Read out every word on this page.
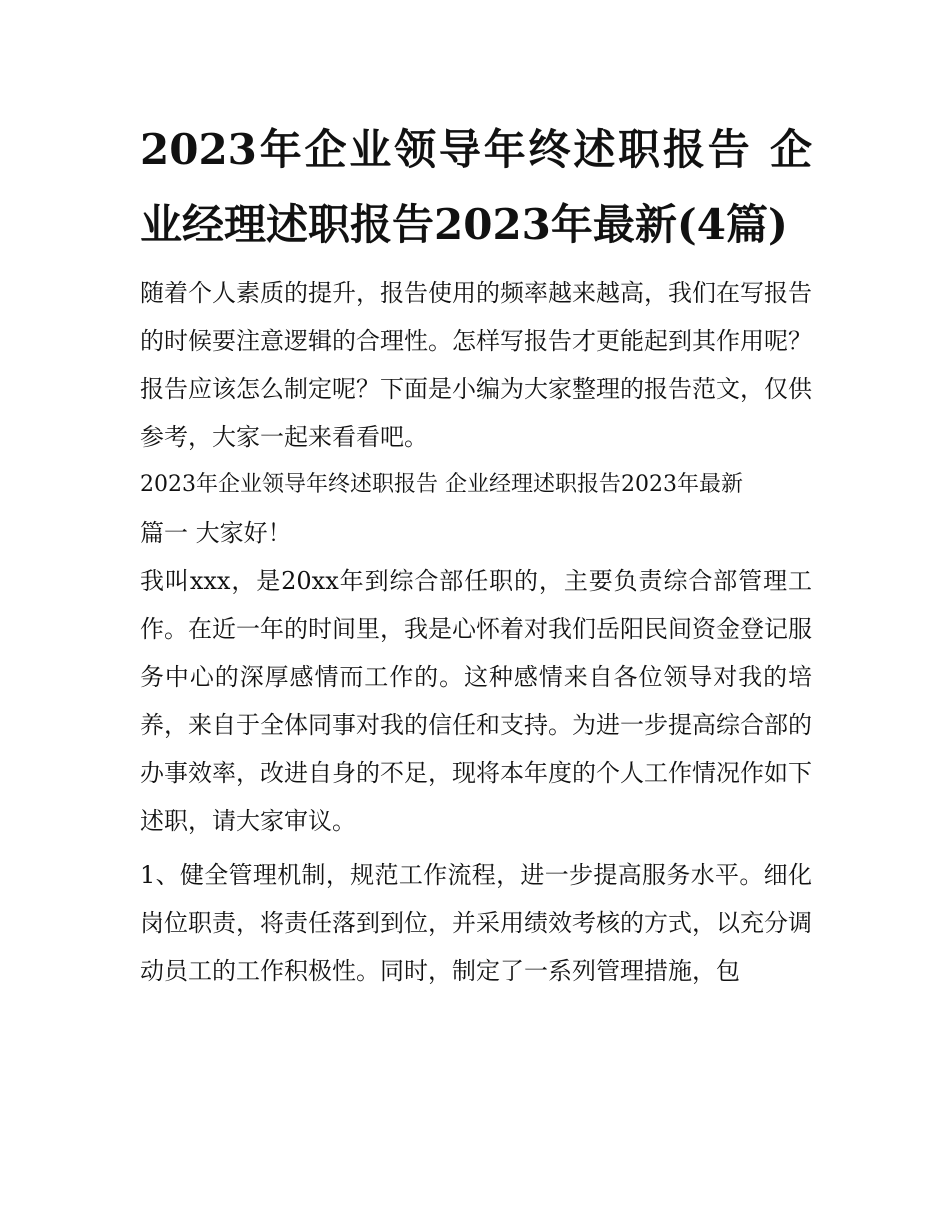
2023年企业领导年终述职报告 企业经理述职报告2023年最新(4篇)

随着个人素质的提升，报告使用的频率越来越高，我们在写报告的时候要注意逻辑的合理性。怎样写报告才更能起到其作用呢？报告应该怎么制定呢？下面是小编为大家整理的报告范文，仅供参考，大家一起来看看吧。

2023年企业领导年终述职报告 企业经理述职报告2023年最新

篇一 大家好！

我叫xxx，是20xx年到综合部任职的，主要负责综合部管理工作。在近一年的时间里，我是心怀着对我们岳阳民间资金登记服务中心的深厚感情而工作的。这种感情来自各位领导对我的培养，来自于全体同事对我的信任和支持。为进一步提高综合部的办事效率，改进自身的不足，现将本年度的个人工作情况作如下述职，请大家审议。

1、健全管理机制，规范工作流程，进一步提高服务水平。细化岗位职责，将责任落到到位，并采用绩效考核的方式，以充分调动员工的工作积极性。同时，制定了一系列管理措施，包
